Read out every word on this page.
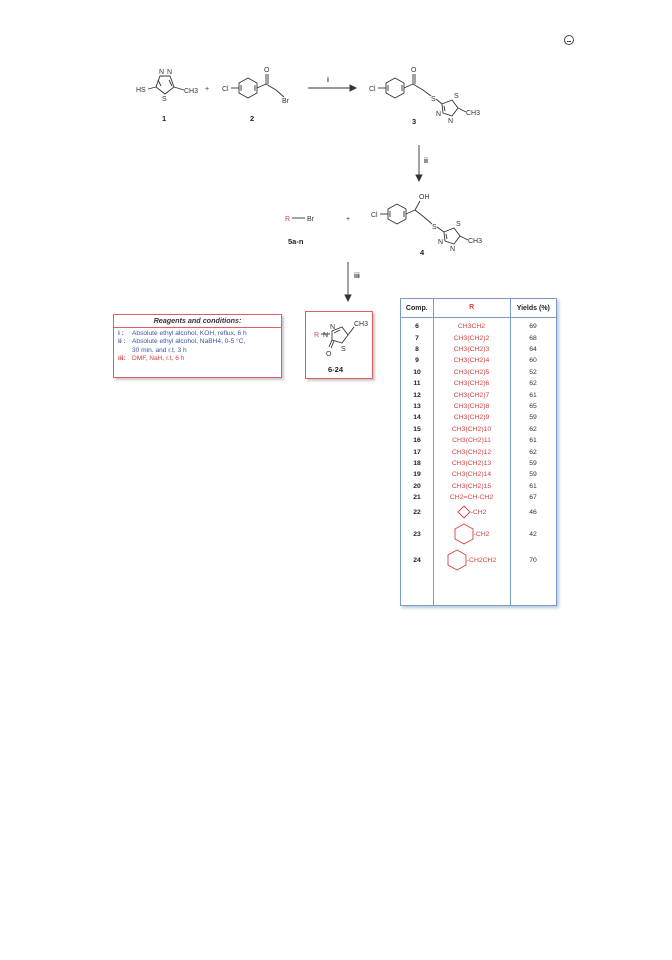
N N
S
HS	CH3
1
+ Cl
O
Br
2
i
Cl
O
S	S
N
N
CH3
3
ii
R Br
5a-n
+
Cl
OH
S	S
N
N
CH3
4
iii
Reagents and conditions:
i :	Absolute ethyl alcohol, KOH, reflux, 6 h
ii : Absolute ethyl alcohol, NaBH4, 0-5 °C,
30 min. and r.t, 3 h
iii: DMF, NaH, r.t, 6 h
R N
N
S
O
CH3
6-24
Comp.	R	Yields (%)
6	CH3CH2	69
7	CH3(CH2)2	68
8	CH3(CH2)3	64
9	CH3(CH2)4	60
10	CH3(CH2)5	52
11	CH3(CH2)6	62
12	CH3(CH2)7	61
13	CH3(CH2)8	65
14	CH3(CH2)9	59
15	CH3(CH2)10	62
16	CH3(CH2)11	61
17	CH3(CH2)12	62
18	CH3(CH2)13	59
19	CH3(CH2)14	59
20	CH3(CH2)15	61
21	CH2=CH-CH2	67
22	-CH2	46
23	-CH2	42
24	-CH2CH2	70
